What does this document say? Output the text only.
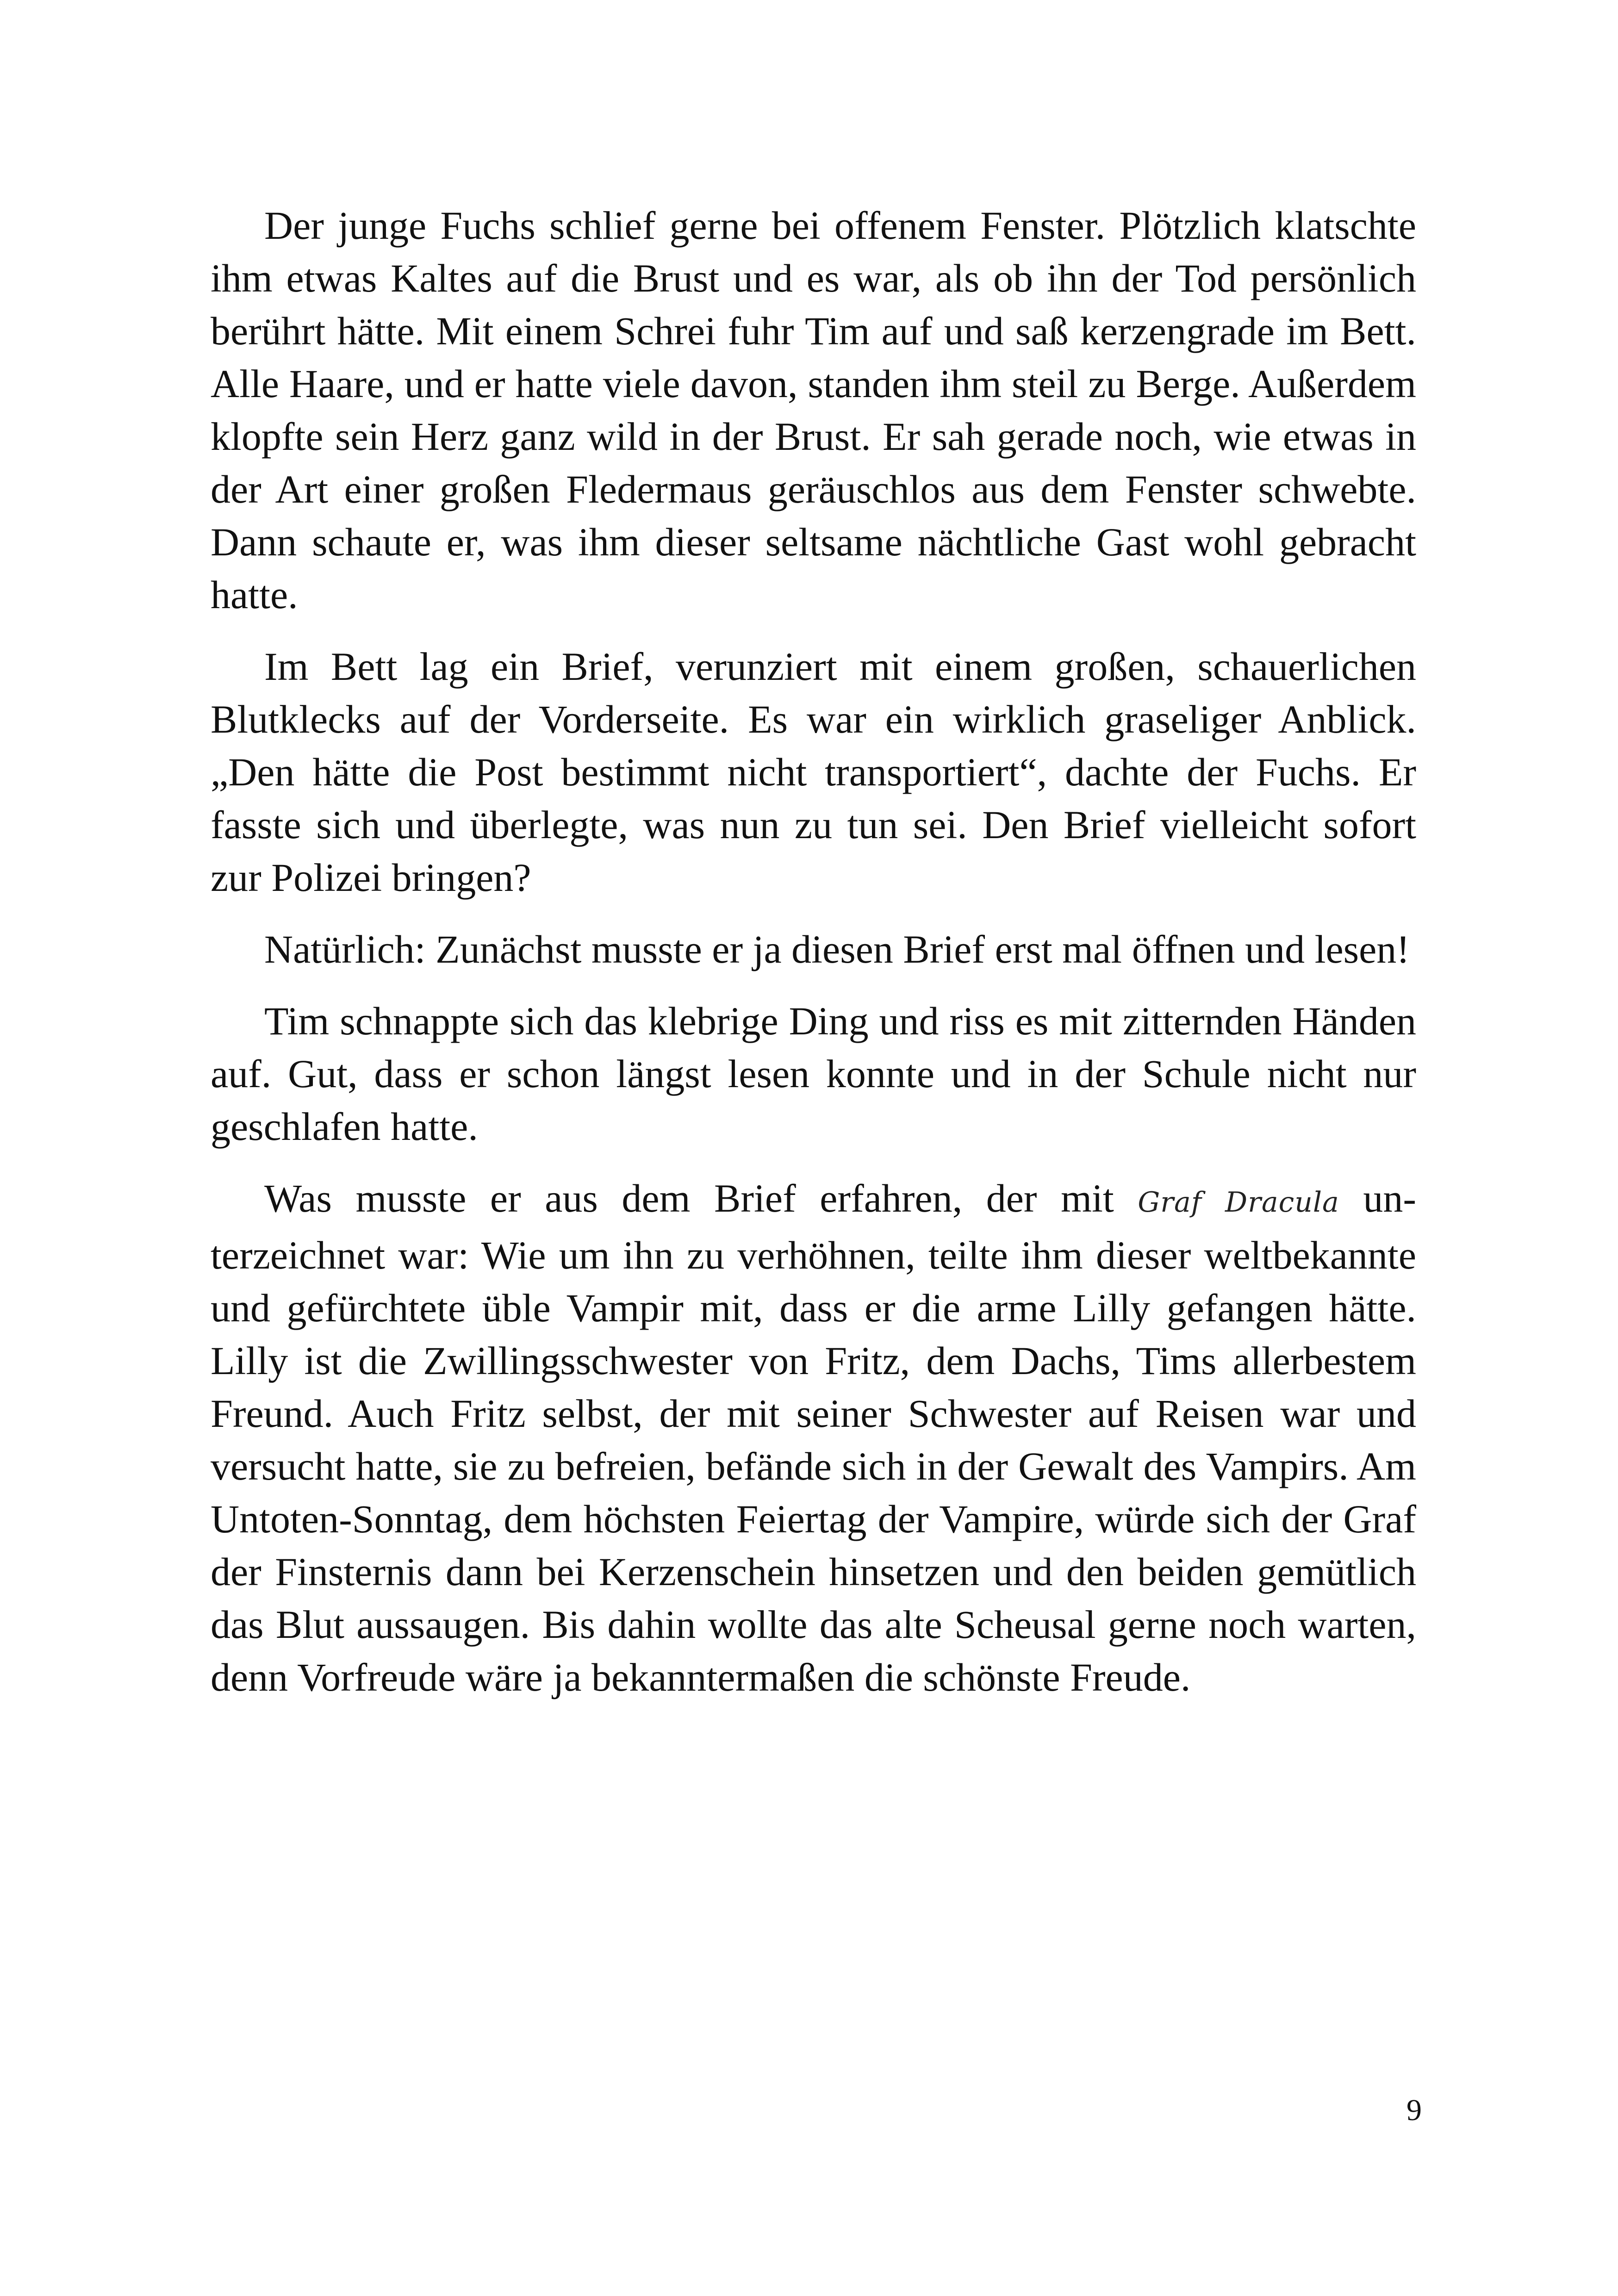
Der junge Fuchs schlief gerne bei offenem Fenster. Plötzlich klatschte ihm etwas Kaltes auf die Brust und es war, als ob ihn der Tod persönlich berührt hätte. Mit einem Schrei fuhr Tim auf und saß kerzengrade im Bett. Alle Haare, und er hatte viele davon, standen ihm steil zu Berge. Außerdem klopfte sein Herz ganz wild in der Brust. Er sah gerade noch, wie etwas in der Art einer großen Fledermaus geräuschlos aus dem Fenster schwebte. Dann schaute er, was ihm dieser seltsame nächtliche Gast wohl gebracht hatte.

Im Bett lag ein Brief, verunziert mit einem großen, schauerlichen Blutklecks auf der Vorderseite. Es war ein wirklich graseliger Anblick. „Den hätte die Post bestimmt nicht transportiert“, dachte der Fuchs. Er fasste sich und überlegte, was nun zu tun sei. Den Brief vielleicht sofort zur Polizei bringen?

Natürlich: Zunächst musste er ja diesen Brief erst mal öffnen und lesen!

Tim schnappte sich das klebrige Ding und riss es mit zitternden Händen auf. Gut, dass er schon längst lesen konnte und in der Schule nicht nur geschlafen hatte.

Was musste er aus dem Brief erfahren, der mit Graf Dracula unterzeichnet war: Wie um ihn zu verhöhnen, teilte ihm dieser weltbekannte und gefürchtete üble Vampir mit, dass er die arme Lilly gefangen hätte. Lilly ist die Zwillingsschwester von Fritz, dem Dachs, Tims allerbestem Freund. Auch Fritz selbst, der mit seiner Schwester auf Reisen war und versucht hatte, sie zu befreien, befände sich in der Gewalt des Vampirs. Am Untoten-Sonntag, dem höchsten Feiertag der Vampire, würde sich der Graf der Finsternis dann bei Kerzenschein hinsetzen und den beiden gemütlich das Blut aussaugen. Bis dahin wollte das alte Scheusal gerne noch warten, denn Vorfreude wäre ja bekanntermaßen die schönste Freude.

9
